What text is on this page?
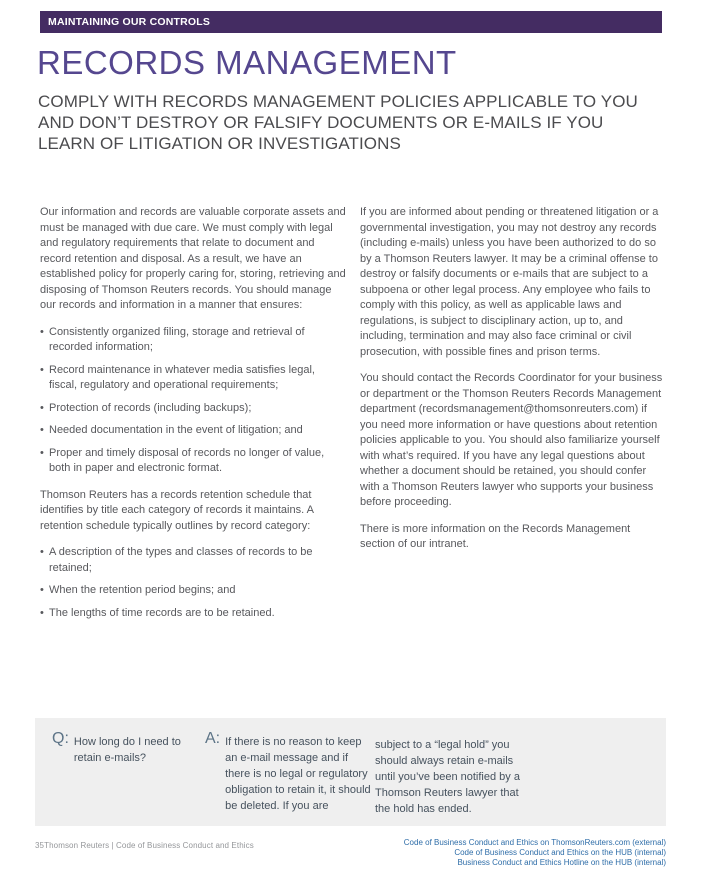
MAINTAINING OUR CONTROLS
RECORDS MANAGEMENT
COMPLY WITH RECORDS MANAGEMENT POLICIES APPLICABLE TO YOU AND DON’T DESTROY OR FALSIFY DOCUMENTS OR E-MAILS IF YOU LEARN OF LITIGATION OR INVESTIGATIONS

Our information and records are valuable corporate assets and must be managed with due care. We must comply with legal and regulatory requirements that relate to document and record retention and disposal. As a result, we have an established policy for properly caring for, storing, retrieving and disposing of Thomson Reuters records. You should manage our records and information in a manner that ensures:

• Consistently organized filing, storage and retrieval of recorded information;
• Record maintenance in whatever media satisfies legal, fiscal, regulatory and operational requirements;
• Protection of records (including backups);
• Needed documentation in the event of litigation; and
• Proper and timely disposal of records no longer of value, both in paper and electronic format.

Thomson Reuters has a records retention schedule that identifies by title each category of records it maintains. A retention schedule typically outlines by record category:

• A description of the types and classes of records to be retained;
• When the retention period begins; and
• The lengths of time records are to be retained.

If you are informed about pending or threatened litigation or a governmental investigation, you may not destroy any records (including e-mails) unless you have been authorized to do so by a Thomson Reuters lawyer. It may be a criminal offense to destroy or falsify documents or e-mails that are subject to a subpoena or other legal process. Any employee who fails to comply with this policy, as well as applicable laws and regulations, is subject to disciplinary action, up to, and including, termination and may also face criminal or civil prosecution, with possible fines and prison terms.

You should contact the Records Coordinator for your business or department or the Thomson Reuters Records Management department (recordsmanagement@thomsonreuters.com) if you need more information or have questions about retention policies applicable to you. You should also familiarize yourself with what’s required. If you have any legal questions about whether a document should be retained, you should confer with a Thomson Reuters lawyer who supports your business before proceeding.

There is more information on the Records Management section of our intranet.

Q: How long do I need to retain e-mails?
A: If there is no reason to keep an e-mail message and if there is no legal or regulatory obligation to retain it, it should be deleted. If you are
subject to a “legal hold” you should always retain e-mails until you’ve been notified by a Thomson Reuters lawyer that the hold has ended.
35Thomson Reuters | Code of Business Conduct and Ethics	Code of Business Conduct and Ethics on ThomsonReuters.com (external)
Code of Business Conduct and Ethics on the HUB (internal)
Business Conduct and Ethics Hotline on the HUB (internal)
